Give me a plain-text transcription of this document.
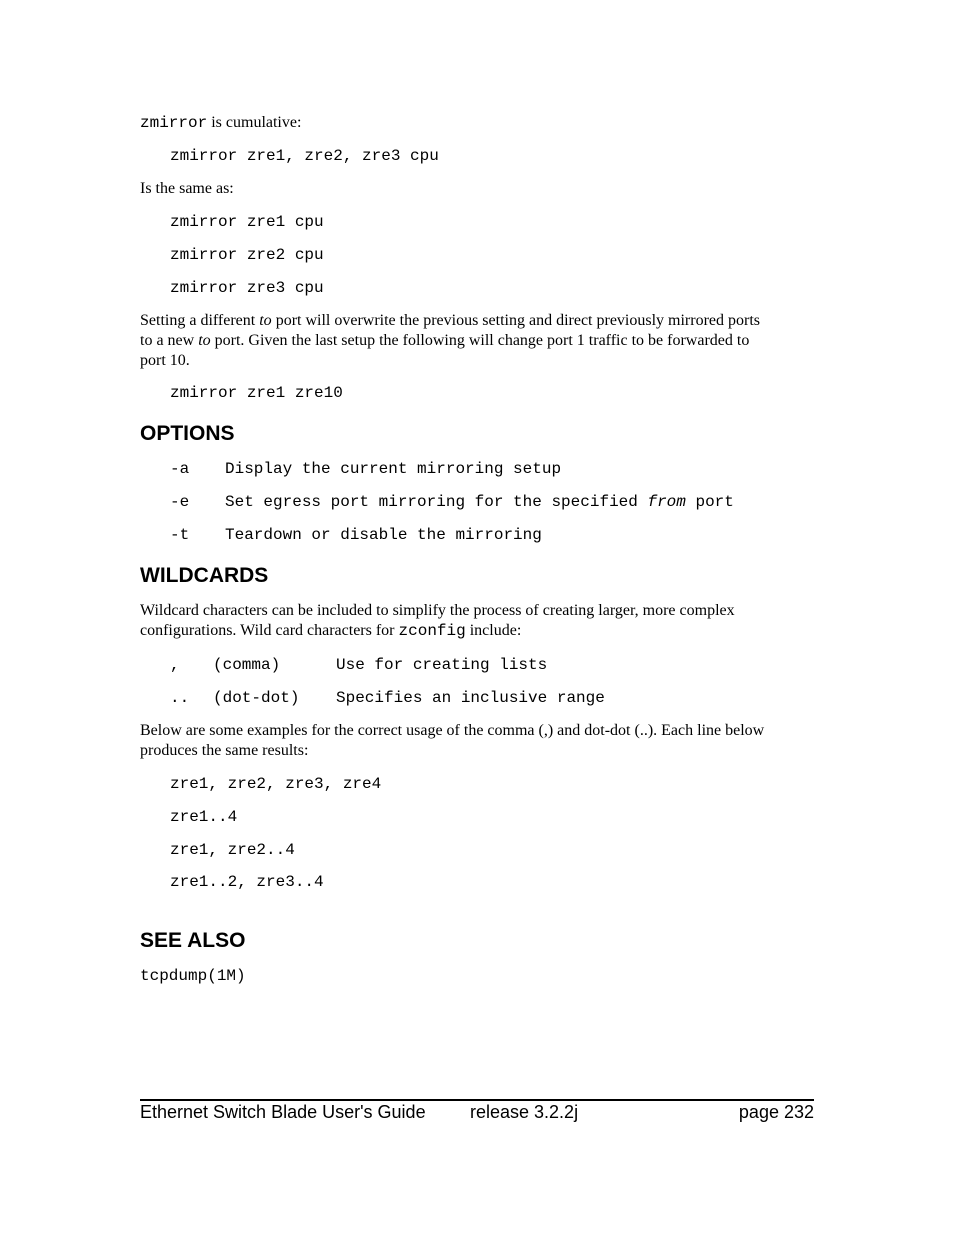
zmirror is cumulative:
zmirror zre1, zre2, zre3 cpu
Is the same as:
zmirror zre1 cpu
zmirror zre2 cpu
zmirror zre3 cpu
Setting a different to port will overwrite the previous setting and direct previously mirrored ports
to a new to port. Given the last setup the following will change port 1 traffic to be forwarded to
port 10.
zmirror zre1 zre10
OPTIONS
-a Display the current mirroring setup
-e Set egress port mirroring for the specified from port
-t Teardown or disable the mirroring
WILDCARDS
Wildcard characters can be included to simplify the process of creating larger, more complex
configurations. Wild card characters for zconfig include:
, (comma)	Use for creating lists
.. (dot-dot) Specifies an inclusive range
Below are some examples for the correct usage of the comma (,) and dot-dot (..). Each line below
produces the same results:
zre1, zre2, zre3, zre4
zre1..4
zre1, zre2..4
zre1..2, zre3..4
SEE ALSO
tcpdump(1M)
Ethernet Switch Blade User's Guide release 3.2.2j	page 232
